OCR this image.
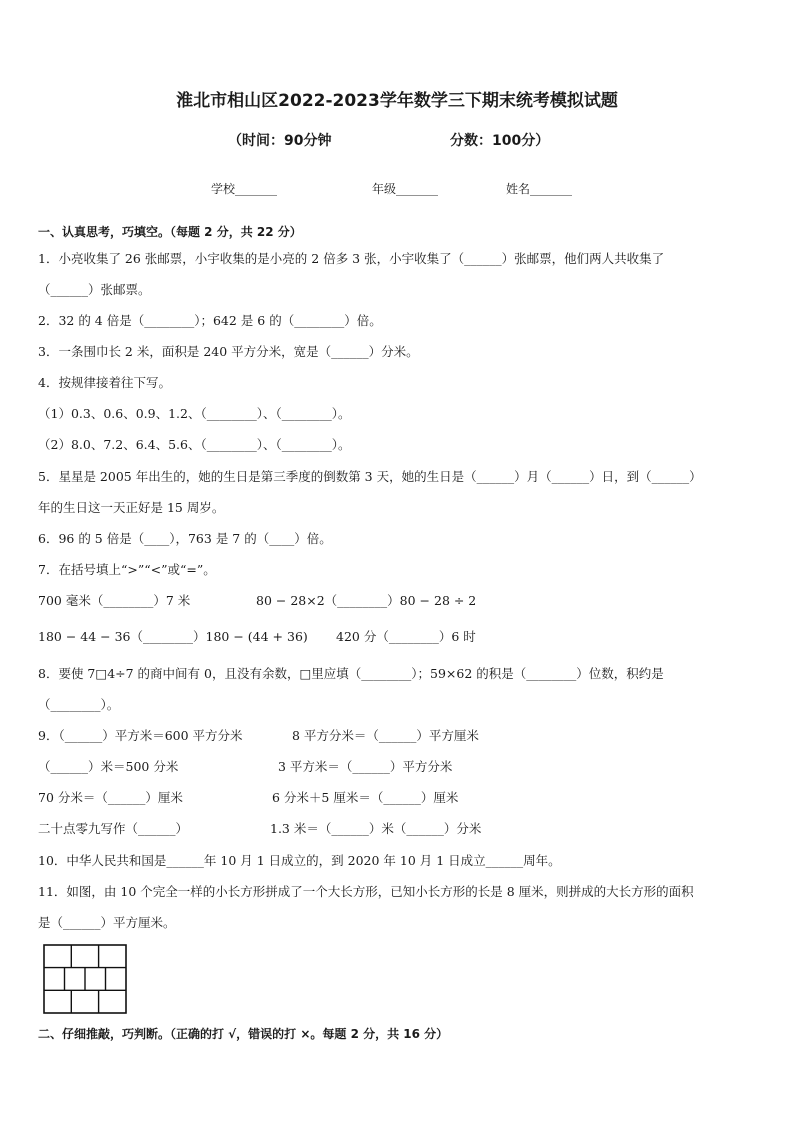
淮北市相山区2022-2023学年数学三下期末统考模拟试题
（时间：90分钟	分数：100分）
学校_______	年级_______	姓名_______
一、认真思考，巧填空。（每题 2 分，共 22 分）
1．小亮收集了 26 张邮票，小宇收集的是小亮的 2 倍多 3 张，小宇收集了（______）张邮票，他们两人共收集了
（______）张邮票。
2．32 的 4 倍是（________）；642 是 6 的（________）倍。
3．一条围巾长 2 米，面积是 240 平方分米，宽是（______）分米。
4．按规律接着往下写。
（1）0.3、0.6、0.9、1.2、（________）、（________）。
（2）8.0、7.2、6.4、5.6、（________）、（________）。
5．星星是 2005 年出生的，她的生日是第三季度的倒数第 3 天，她的生日是（______）月（______）日，到（______）
年的生日这一天正好是 15 周岁。
6．96 的 5 倍是（____），763 是 7 的（____）倍。
7．在括号填上“>”“<”或“=”。
700 毫米（________）7 米	80 − 28×2（________）80 − 28 ÷ 2
180 − 44 − 36（________）180 − (44 + 36) 420 分（________）6 时
8．要使 7□4÷7 的商中间有 0，且没有余数，□里应填（________）；59×62 的积是（________）位数，积约是
（________）。
9．（______）平方米＝600 平方分米	8 平方分米＝（______）平方厘米
（______）米＝500 分米	3 平方米＝（______）平方分米
70 分米＝（______）厘米	6 分米＋5 厘米＝（______）厘米
二十点零九写作（______）	1.3 米＝（______）米（______）分米
10．中华人民共和国是______年 10 月 1 日成立的，到 2020 年 10 月 1 日成立______周年。
11．如图，由 10 个完全一样的小长方形拼成了一个大长方形，已知小长方形的长是 8 厘米，则拼成的大长方形的面积
是（______）平方厘米。
二、仔细推敲，巧判断。（正确的打 √，错误的打 ×。每题 2 分，共 16 分）
